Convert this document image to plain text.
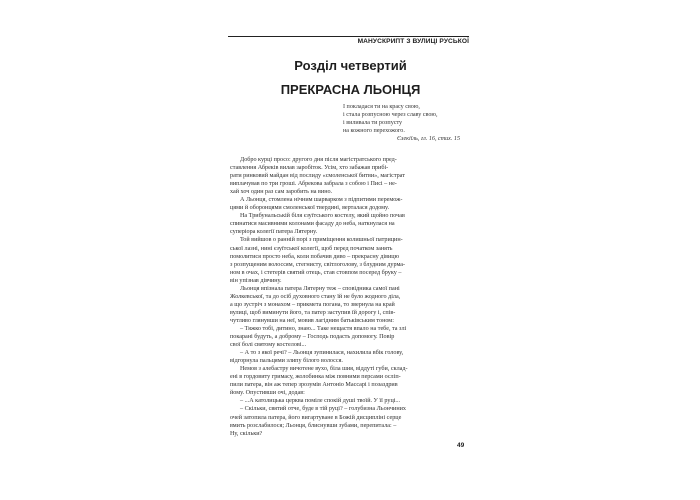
МАНУСКРИПТ З ВУЛИЦІ РУСЬКОЇ
Розділ четвертий
ПРЕКРАСНА ЛЬОНЦЯ
І покладася ти на красу свою,
і стала розпусною через славу свою,
і виливала ти розпусту
на кожного перехожого.
Єзекіїль, гл. 16, стих. 15
Добро курці просо: другого дня після магістратського пред-
ставлення Абреків вилав заробіток. Усім, хто забажав прибі-
рати ринковий майдан від послиду «смоленської битви», магістрат
виплачував по три гроші. Абрекова забрала з собою і Писі – не-
хай хоч один раз сам заробить на вино.
А Льонця, стомлена нічним шарварком з підпитими перемож-
цями й оборонцями смоленської твердині, верталася додому.
На Трибунальській біля єзуїтського костелу, який щойно почав
спинатися масивними колонами фасаду до неба, наткнулася на
суперіора колегії патера Лятерну.
Той вийшов о ранній порі з приміщення колишньої патрицин-
ської лазні, нині єзуїтської колегії, щоб перед початком занять
помолитися просто неба, коли побачив диво – прекрасну дівицю
з розпущеним волоссям, стегнисту, світлоголову, з блудним дурма-
ном в очах, і стетерів святий отець, став стовпом посеред бруку –
він упізнав дівчину.
Льонця впізнала патера Лятерну теж – сповідника самої пані
Жолкевської, та до осіб духовного стану їй не було жодного діла,
а що зустріч з монахом – прикмета погана, то звернула на край
вулиці, щоб виминути його, та патер заступив їй дорогу і, спів-
чутливо глянувши на неї, мовив лагідним батьківським тоном:
– Тяжко тобі, дитино, знаю... Таке нещастя впало на тебе, та злі
покарані будуть, а доброму – Господь подасть допомогу. Повір
свої болі святому костелові...
– А то з якої речі? – Льонця зупинилася, нахилила вбік голову,
відгорнула пальцями злипу білого волосся.
Немов з алебастру вичотене вухо, біла шия, віддуті губи, склад-
ені в гордовиту гримасу, жолобинка між повними персами осліп-
пили патера, він аж тепер зрозумів Антоніо Массарі і позаздрив
йому. Опустивши очі, додав:
– ...А католицька церква поміле спокій душі твоїй. У її руці...
– Скільки, святий отче, буде в тій руці? – голубизна Льончиних
очей затопила патера, його вигартуване в Божій дисципліні серце
вмить розслабилося; Льонця, блиснувши зубами, перепитала: –
Ну, скільки?
49
